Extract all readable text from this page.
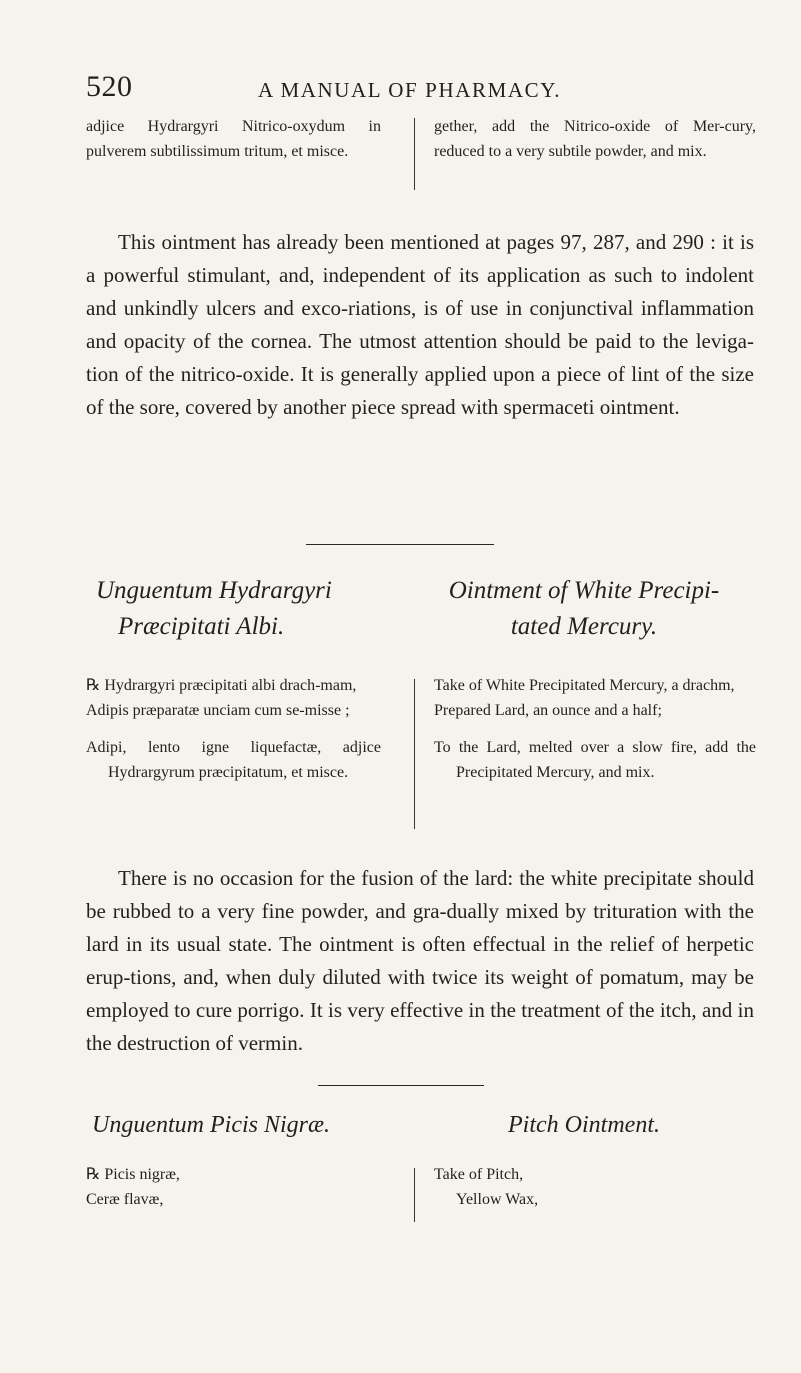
520	A MANUAL OF PHARMACY.

adjice Hydrargyri Nitrico-oxydum in pulverem subtilissimum tritum, et misce.

gether, add the Nitrico-oxide of Mer-cury, reduced to a very subtile powder, and mix.

This ointment has already been mentioned at pages 97, 287, and 290 : it is a powerful stimulant, and, independent of its application as such to indolent and unkindly ulcers and exco-riations, is of use in conjunctival inflammation and opacity of the cornea. The utmost attention should be paid to the leviga-tion of the nitrico-oxide. It is generally applied upon a piece of lint of the size of the sore, covered by another piece spread with spermaceti ointment.

Unguentum Hydrargyri
Præcipitati Albi.
Ointment of White Precipi-
tated Mercury.

℞ Hydrargyri præcipitati albi drach-mam,

Adipis præparatæ unciam cum se-misse ;

Adipi, lento igne liquefactæ, adjice Hydrargyrum præcipitatum, et misce.

Take of White Precipitated Mercury, a drachm,

Prepared Lard, an ounce and a half;

To the Lard, melted over a slow fire, add the Precipitated Mercury, and mix.

There is no occasion for the fusion of the lard: the white precipitate should be rubbed to a very fine powder, and gra-dually mixed by trituration with the lard in its usual state. The ointment is often effectual in the relief of herpetic erup-tions, and, when duly diluted with twice its weight of pomatum, may be employed to cure porrigo. It is very effective in the treatment of the itch, and in the destruction of vermin.

Unguentum Picis Nigræ.	Pitch Ointment.

℞ Picis nigræ,

Ceræ flavæ,

Take of Pitch,

Yellow Wax,
